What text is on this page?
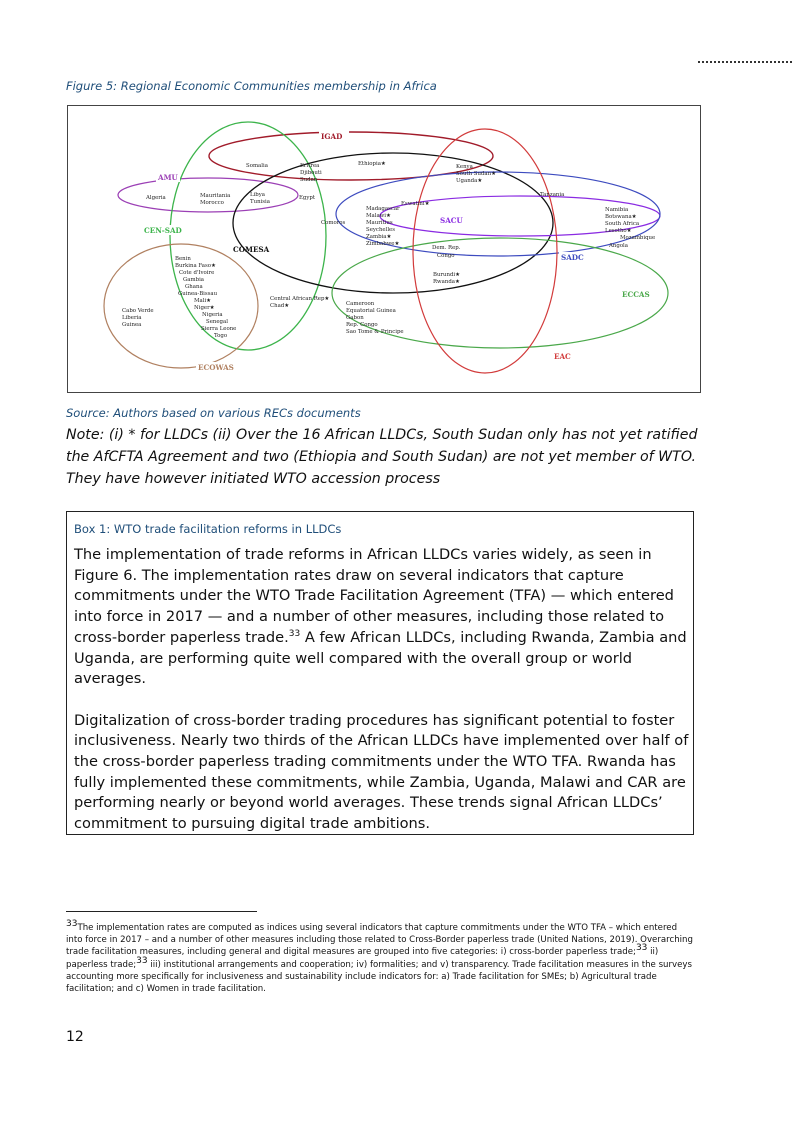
Figure 5: Regional Economic Communities membership in Africa
IGAD
AMU
CEN-SAD
COMESA
ECOWAS
SACU
SADC
ECCAS
EAC
Somalia	Eritrea
Djibouti
Sudan
Ethiopia★	Kenya
South Sudan★
Uganda★
Tanzania
Algeria	Mauritania
Morocco
Libya
Tunisia
Egypt
Eswatini★
Namibia
Botswana★
South Africa
Lesotho★
Mozambique
Angola
Comoros
Madagascar
Malawi★
Mauritius
Seychelles
Zambia★
Zimbabwe★
Dem. Rep.
Congo
Burundi★
Rwanda★
Benin
Burkina Faso★
Cote d'Ivoire
Gambia
Ghana
Guinea-Bissau
Mali★
Niger★
Nigeria
Senegal
Sierra Leone
Togo
Cabo Verde
Liberia
Guinea
Central African Rep★
Chad★	Cameroon
Equatorial Guinea
Gabon
Rep. Congo
Sao Tome & Principe
Source: Authors based on various RECs documents
Note: (i) * for LLDCs (ii) Over the 16 African LLDCs, South Sudan only has not yet ratified the AfCFTA Agreement and two (Ethiopia and South Sudan) are not yet member of WTO. They have however initiated WTO accession process
Box 1: WTO trade facilitation reforms in LLDCs

The implementation of trade reforms in African LLDCs varies widely, as seen in Figure 6. The implementation rates draw on several indicators that capture commitments under the WTO Trade Facilitation Agreement (TFA) — which entered into force in 2017 — and a number of other measures, including those related to cross-border paperless trade.$^{33}$ A few African LLDCs, including Rwanda, Zambia and Uganda, are performing quite well compared with the overall group or world averages.

Digitalization of cross-border trading procedures has significant potential to foster inclusiveness. Nearly two thirds of the African LLDCs have implemented over half of the cross-border paperless trading commitments under the WTO TFA. Rwanda has fully implemented these commitments, while Zambia, Uganda, Malawi and CAR are performing nearly or beyond world averages. These trends signal African LLDCs’ commitment to pursuing digital trade ambitions.

$^{33}$The implementation rates are computed as indices using several indicators that capture commitments under the WTO TFA – which entered into force in 2017 – and a number of other measures including those related to Cross-Border paperless trade (United Nations, 2019). Overarching trade facilitation measures, including general and digital measures are grouped into five categories: i) cross-border paperless trade;$^{33}$ ii) paperless trade;$^{33}$ iii) institutional arrangements and cooperation; iv) formalities; and v) transparency. Trade facilitation measures in the surveys accounting more specifically for inclusiveness and sustainability include indicators for: a) Trade facilitation for SMEs; b) Agricultural trade facilitation; and c) Women in trade facilitation.
12
